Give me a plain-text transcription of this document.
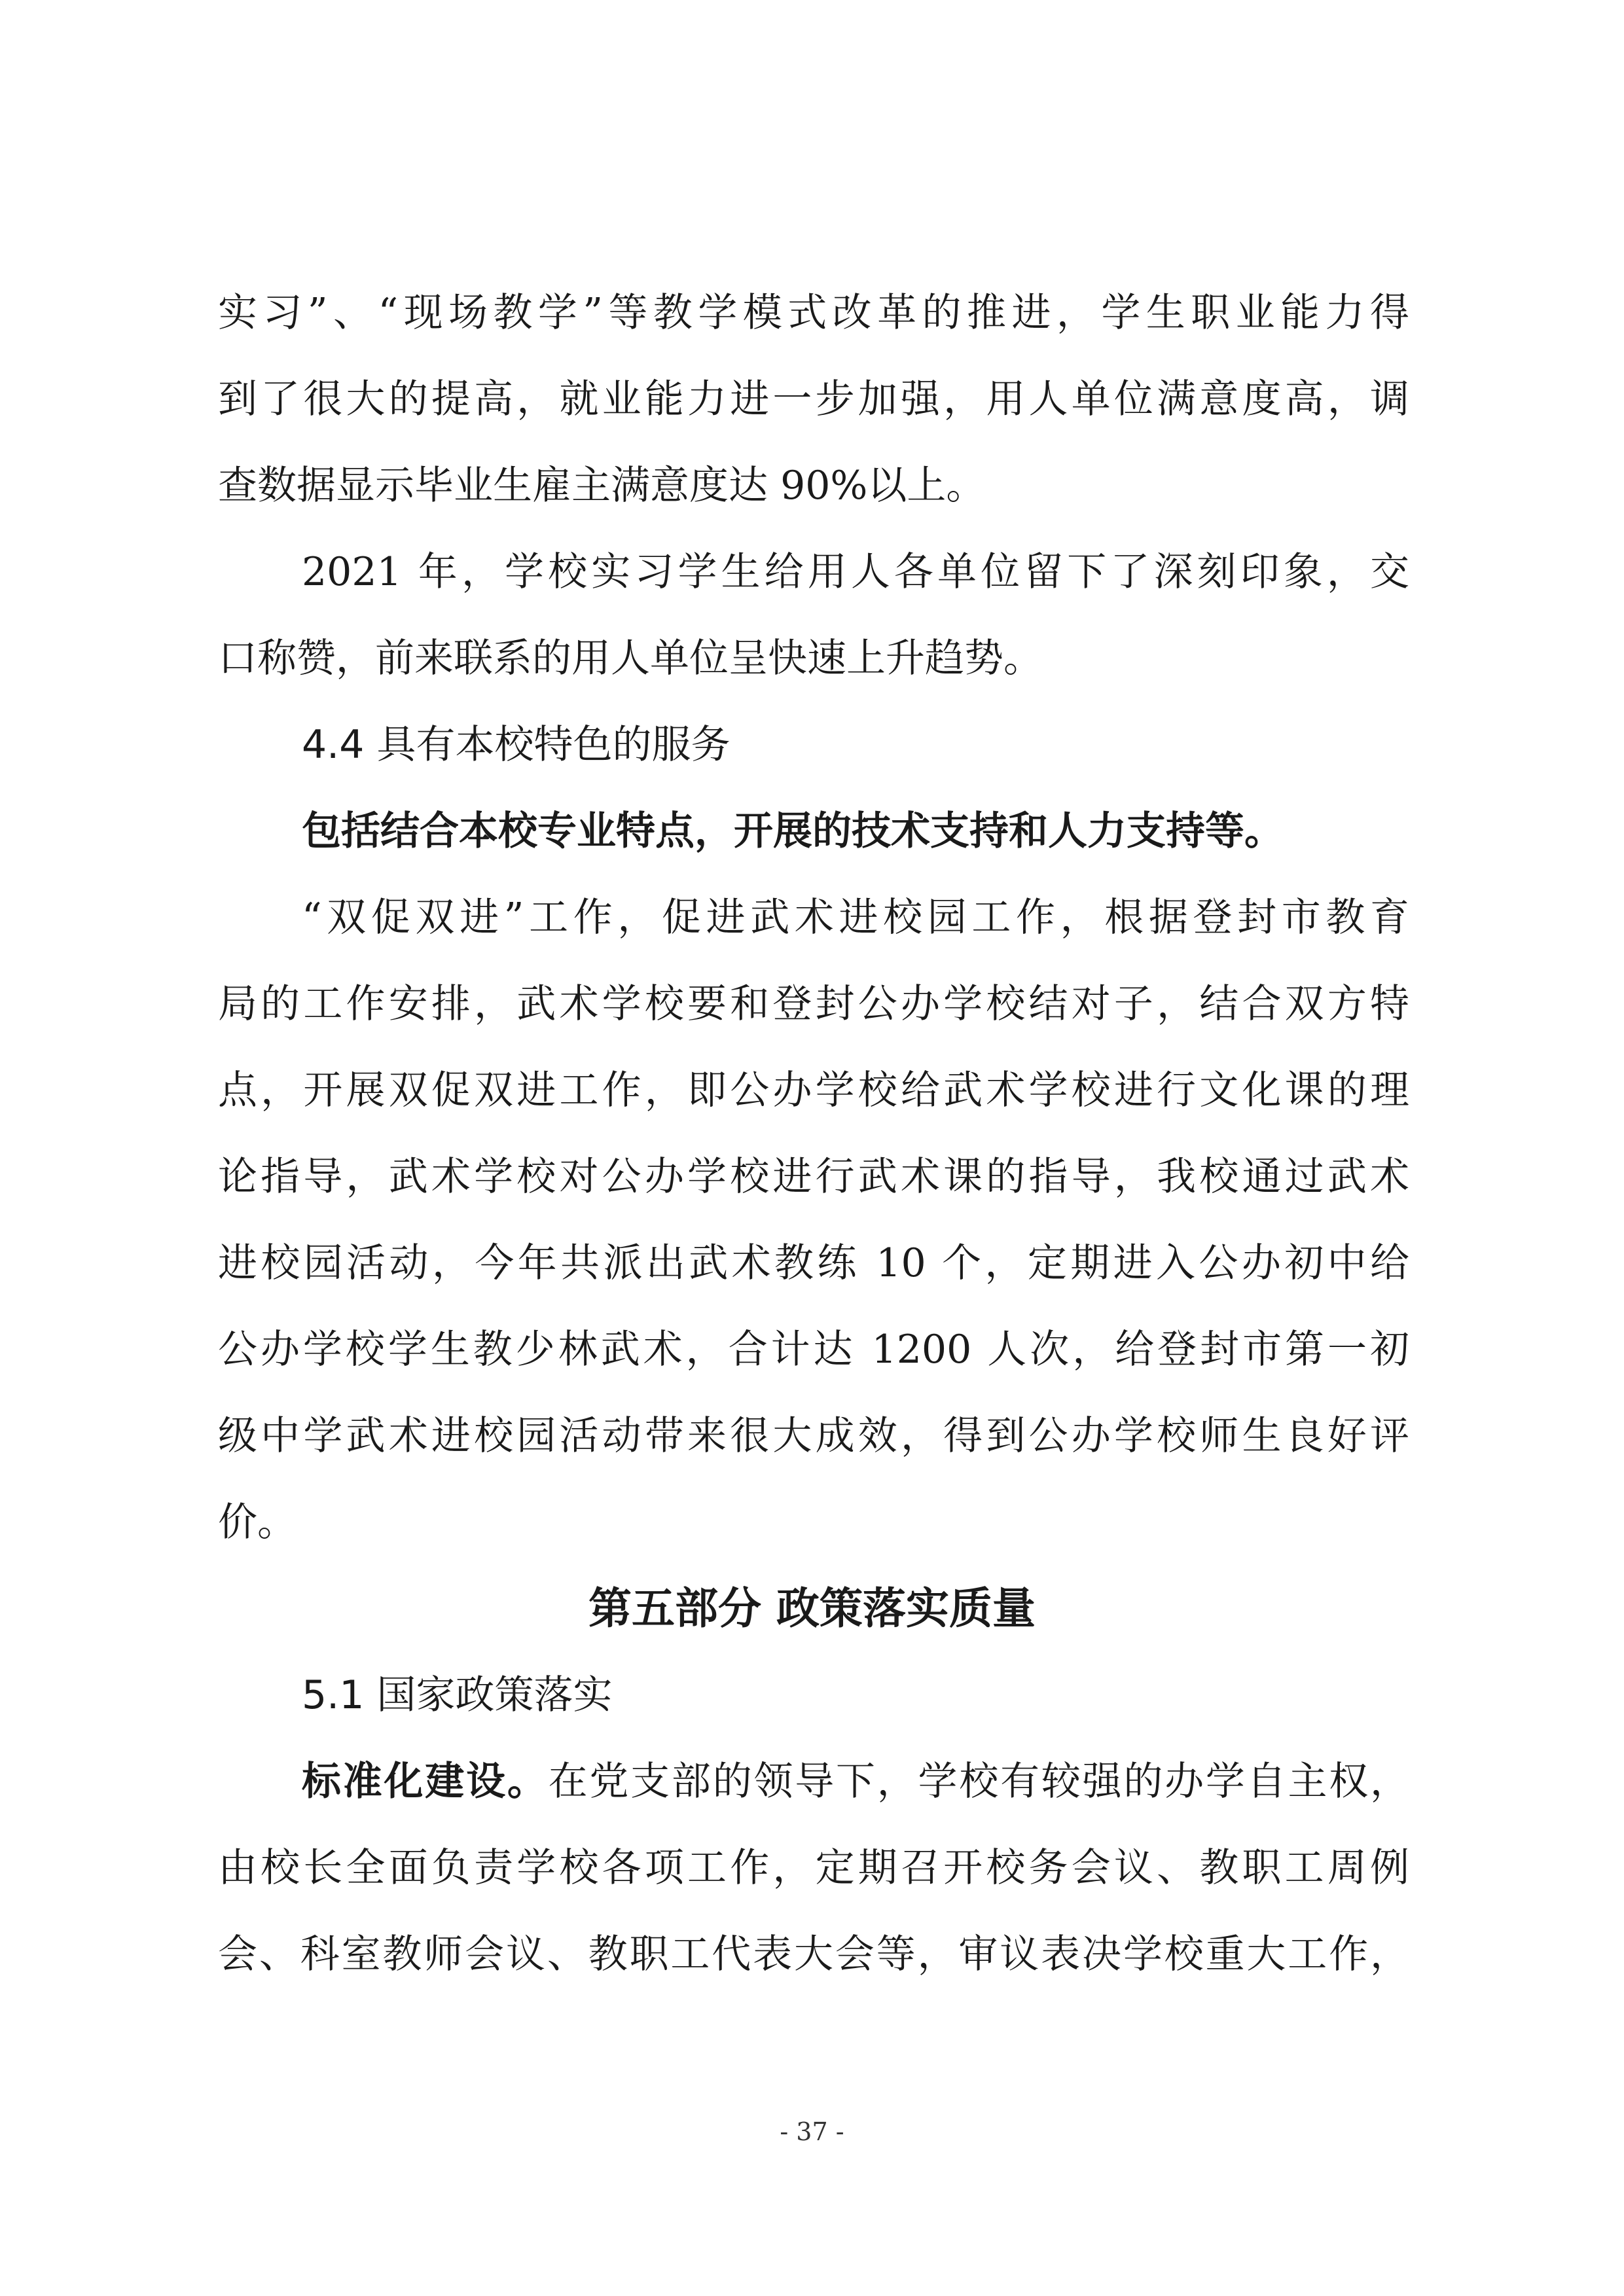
实习”、“现场教学”等教学模式改革的推进，学生职业能力得
到了很大的提高，就业能力进一步加强，用人单位满意度高，调
查数据显示毕业生雇主满意度达 90%以上。
2021 年，学校实习学生给用人各单位留下了深刻印象，交
口称赞，前来联系的用人单位呈快速上升趋势。
4.4 具有本校特色的服务
包括结合本校专业特点，开展的技术支持和人力支持等。
“双促双进”工作，促进武术进校园工作，根据登封市教育
局的工作安排，武术学校要和登封公办学校结对子，结合双方特
点，开展双促双进工作，即公办学校给武术学校进行文化课的理
论指导，武术学校对公办学校进行武术课的指导，我校通过武术
进校园活动，今年共派出武术教练 10 个，定期进入公办初中给
公办学校学生教少林武术，合计达 1200 人次，给登封市第一初
级中学武术进校园活动带来很大成效，得到公办学校师生良好评
价。
第五部分 政策落实质量
5.1 国家政策落实
标准化建设。在党支部的领导下，学校有较强的办学自主权，
由校长全面负责学校各项工作，定期召开校务会议、教职工周例
会、科室教师会议、教职工代表大会等，审议表决学校重大工作，
- 37 -
